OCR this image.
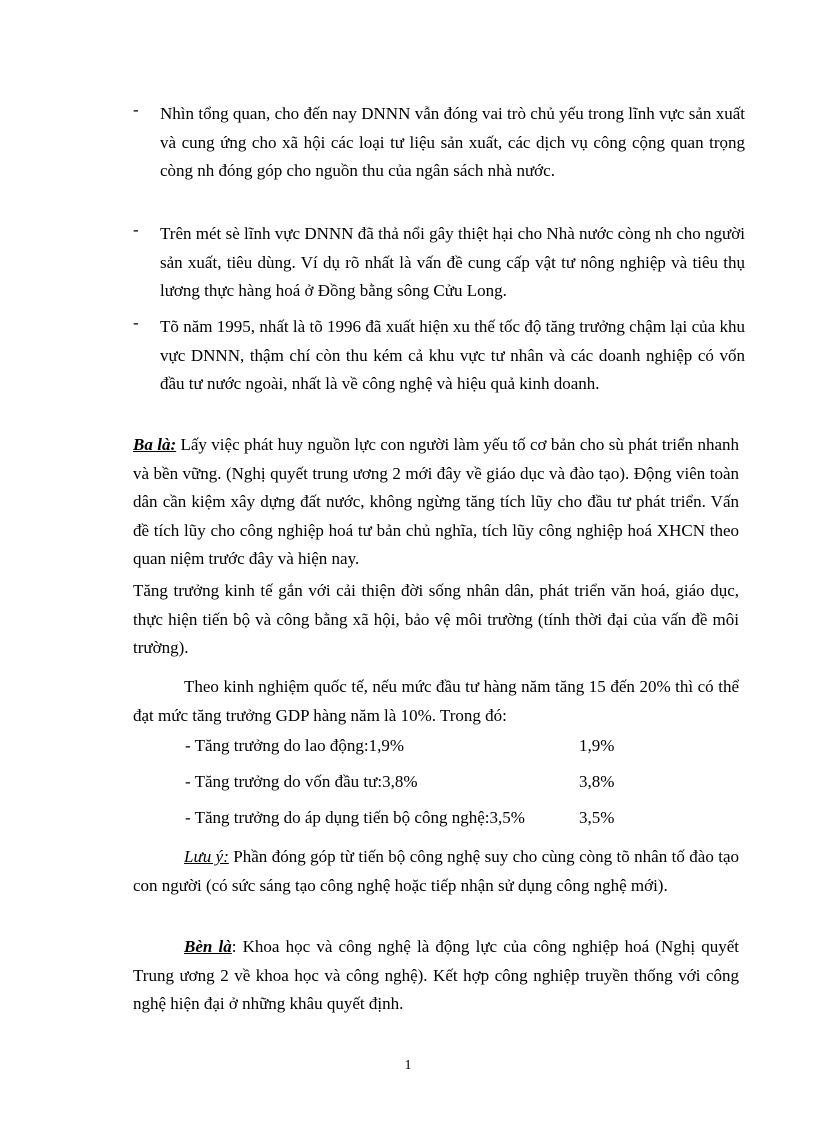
-	Nhìn tổng quan, cho đến nay DNNN vẫn đóng vai trò chủ yếu trong lĩnh vực sản xuất và cung ứng cho xã hội các loại tư liệu sản xuất, các dịch vụ công cộng quan trọng còng nh đóng góp cho nguồn thu của ngân sách nhà nước.
-	Trên mét sè lĩnh vực DNNN đã thả nổi gây thiệt hại cho Nhà nước còng nh cho người sản xuất, tiêu dùng. Ví dụ rõ nhất là vấn đề cung cấp vật tư nông nghiệp và tiêu thụ lương thực hàng hoá ở Đồng bằng sông Cửu Long.
-	Tõ năm 1995, nhất là tõ 1996 đã xuất hiện xu thế tốc độ tăng trưởng chậm lại của khu vực DNNN, thậm chí còn thu kém cả khu vực tư nhân và các doanh nghiệp có vốn đầu tư nước ngoài, nhất là về công nghệ và hiệu quả kinh doanh.
Ba là: Lấy việc phát huy nguồn lực con người làm yếu tố cơ bản cho sù phát triển nhanh và bền vững. (Nghị quyết trung ương 2 mới đây về giáo dục và đào tạo). Động viên toàn dân cần kiệm xây dựng đất nước, không ngừng tăng tích lũy cho đầu tư phát triển. Vấn đề tích lũy cho công nghiệp hoá tư bản chủ nghĩa, tích lũy công nghiệp hoá XHCN theo quan niệm trước đây và hiện nay.
Tăng trưởng kinh tế gắn với cải thiện đời sống nhân dân, phát triển văn hoá, giáo dục, thực hiện tiến bộ và công bằng xã hội, bảo vệ môi trường (tính thời đại của vấn đề môi trường).
Theo kinh nghiệm quốc tế, nếu mức đầu tư hàng năm tăng 15 đến 20% thì có thể đạt mức tăng trưởng GDP hàng năm là 10%. Trong đó:
- Tăng trưởng do lao động:1,9%	1,9%
- Tăng trưởng do vốn đầu tư:3,8%	3,8%
- Tăng trưởng do áp dụng tiến bộ công nghệ:3,5%	3,5%
Lưu ý: Phần đóng góp từ tiến bộ công nghệ suy cho cùng còng tõ nhân tố đào tạo con người (có sức sáng tạo công nghệ hoặc tiếp nhận sử dụng công nghệ mới).
Bèn là: Khoa học và công nghệ là động lực của công nghiệp hoá (Nghị quyết Trung ương 2 về khoa học và công nghệ). Kết hợp công nghiệp truyền thống với công nghệ hiện đại ở những khâu quyết định.
1
